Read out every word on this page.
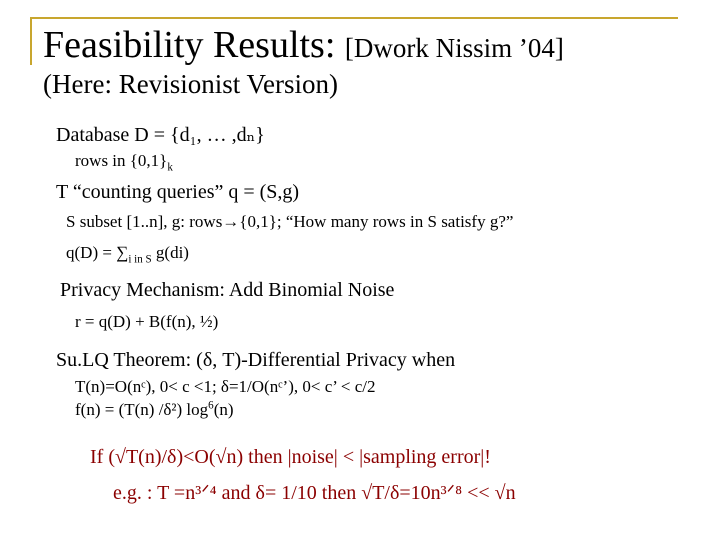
Feasibility Results: [Dwork Nissim ’04]
(Here: Revisionist Version)
Database D = {d₁, … ,dₙ}
rows in $\{0,1\}_k$
T “counting queries” q = (S,g)
S subset [1..n], g: rows→{0,1}; “How many rows in S satisfy g?”
$q(D) = \sum_{i in S}$ g(di)
Privacy Mechanism: Add Binomial Noise
r = q(D) + B(f(n), ½)
Su.LQ Theorem: (δ, T)-Differential Privacy when
T(n)=O(nᶜ), 0< c <1; δ=1/O(nᶜ’), 0< c’ < c/2
f(n) = (T(n) /δ²) $\log^6(n)$
If (√T(n)/δ)<O(√n) then |noise| < |sampling error|!
e.g. : T =n³ᐟ⁴ and δ= 1/10 then √T/δ=10n³ᐟ⁸ << √n
